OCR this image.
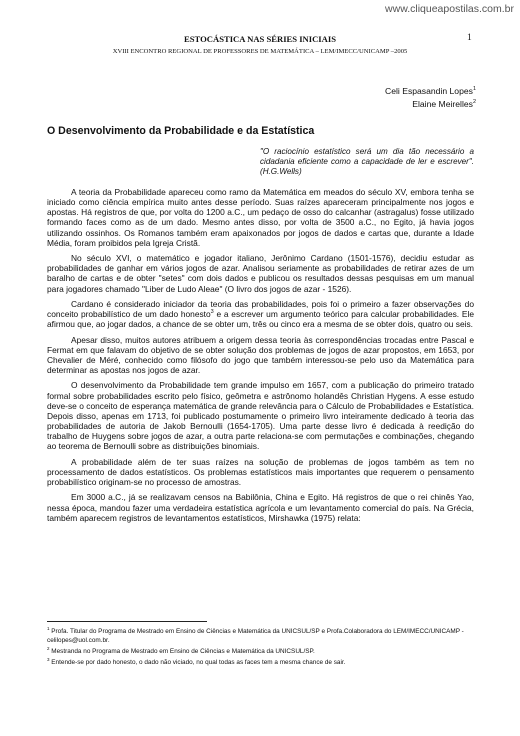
www.cliqueapostilas.com.br
ESTOCÁSTICA NAS SÉRIES INICIAIS	1
XVIII ENCONTRO REGIONAL DE PROFESSORES DE MATEMÁTICA – LEM/IMECC/UNICAMP –2005
Celi Espasandin Lopes$^1$
Elaine Meirelles$^2$
O Desenvolvimento da Probabilidade e da Estatística
"O raciocínio estatístico será um dia tão necessário a cidadania eficiente como a capacidade de ler e escrever". (H.G.Wells)

A teoria da Probabilidade apareceu como ramo da Matemática em meados do século XV, embora tenha se iniciado como ciência empírica muito antes desse período. Suas raízes apareceram principalmente nos jogos e apostas. Há registros de que, por volta do 1200 a.C., um pedaço de osso do calcanhar (astragalus) fosse utilizado formando faces como as de um dado. Mesmo antes disso, por volta de 3500 a.C., no Egito, já havia jogos utilizando ossinhos. Os Romanos também eram apaixonados por jogos de dados e cartas que, durante a Idade Média, foram proibidos pela Igreja Cristã.

No século XVI, o matemático e jogador italiano, Jerônimo Cardano (1501-1576), decidiu estudar as probabilidades de ganhar em vários jogos de azar. Analisou seriamente as probabilidades de retirar azes de um baralho de cartas e de obter "setes" com dois dados e publicou os resultados dessas pesquisas em um manual para jogadores chamado "Liber de Ludo Aleae" (O livro dos jogos de azar - 1526).

Cardano é considerado iniciador da teoria das probabilidades, pois foi o primeiro a fazer observações do conceito probabilístico de um dado honesto$^3$ e a escrever um argumento teórico para calcular probabilidades. Ele afirmou que, ao jogar dados, a chance de se obter um, três ou cinco era a mesma de se obter dois, quatro ou seis.

Apesar disso, muitos autores atribuem a origem dessa teoria às correspondências trocadas entre Pascal e Fermat em que falavam do objetivo de se obter solução dos problemas de jogos de azar propostos, em 1653, por Chevalier de Méré, conhecido como filósofo do jogo que também interessou-se pelo uso da Matemática para determinar as apostas nos jogos de azar.

O desenvolvimento da Probabilidade tem grande impulso em 1657, com a publicação do primeiro tratado formal sobre probabilidades escrito pelo físico, geômetra e astrônomo holandês Christian Hygens. A esse estudo deve-se o conceito de esperança matemática de grande relevância para o Cálculo de Probabilidades e Estatística. Depois disso, apenas em 1713, foi publicado postumamente o primeiro livro inteiramente dedicado à teoria das probabilidades de autoria de Jakob Bernoulli (1654-1705). Uma parte desse livro é dedicada à reedição do trabalho de Huygens sobre jogos de azar, a outra parte relaciona-se com permutações e combinações, chegando ao teorema de Bernoulli sobre as distribuições binomiais.

A probabilidade além de ter suas raízes na solução de problemas de jogos também as tem no processamento de dados estatísticos. Os problemas estatísticos mais importantes que requerem o pensamento probabilístico originam-se no processo de amostras.

Em 3000 a.C., já se realizavam censos na Babilônia, China e Egito. Há registros de que o rei chinês Yao, nessa época, mandou fazer uma verdadeira estatística agrícola e um levantamento comercial do país. Na Grécia, também aparecem registros de levantamentos estatísticos, Mirshawka (1975) relata:

$^1$ Profa. Titular do Programa de Mestrado em Ensino de Ciências e Matemática da UNICSUL/SP e Profa.Colaboradora do LEM/IMECC/UNICAMP - celilopes@uol.com.br.
$^2$ Mestranda no Programa de Mestrado em Ensino de Ciências e Matemática da UNICSUL/SP.
$^3$ Entende-se por dado honesto, o dado não viciado, no qual todas as faces tem a mesma chance de sair.
